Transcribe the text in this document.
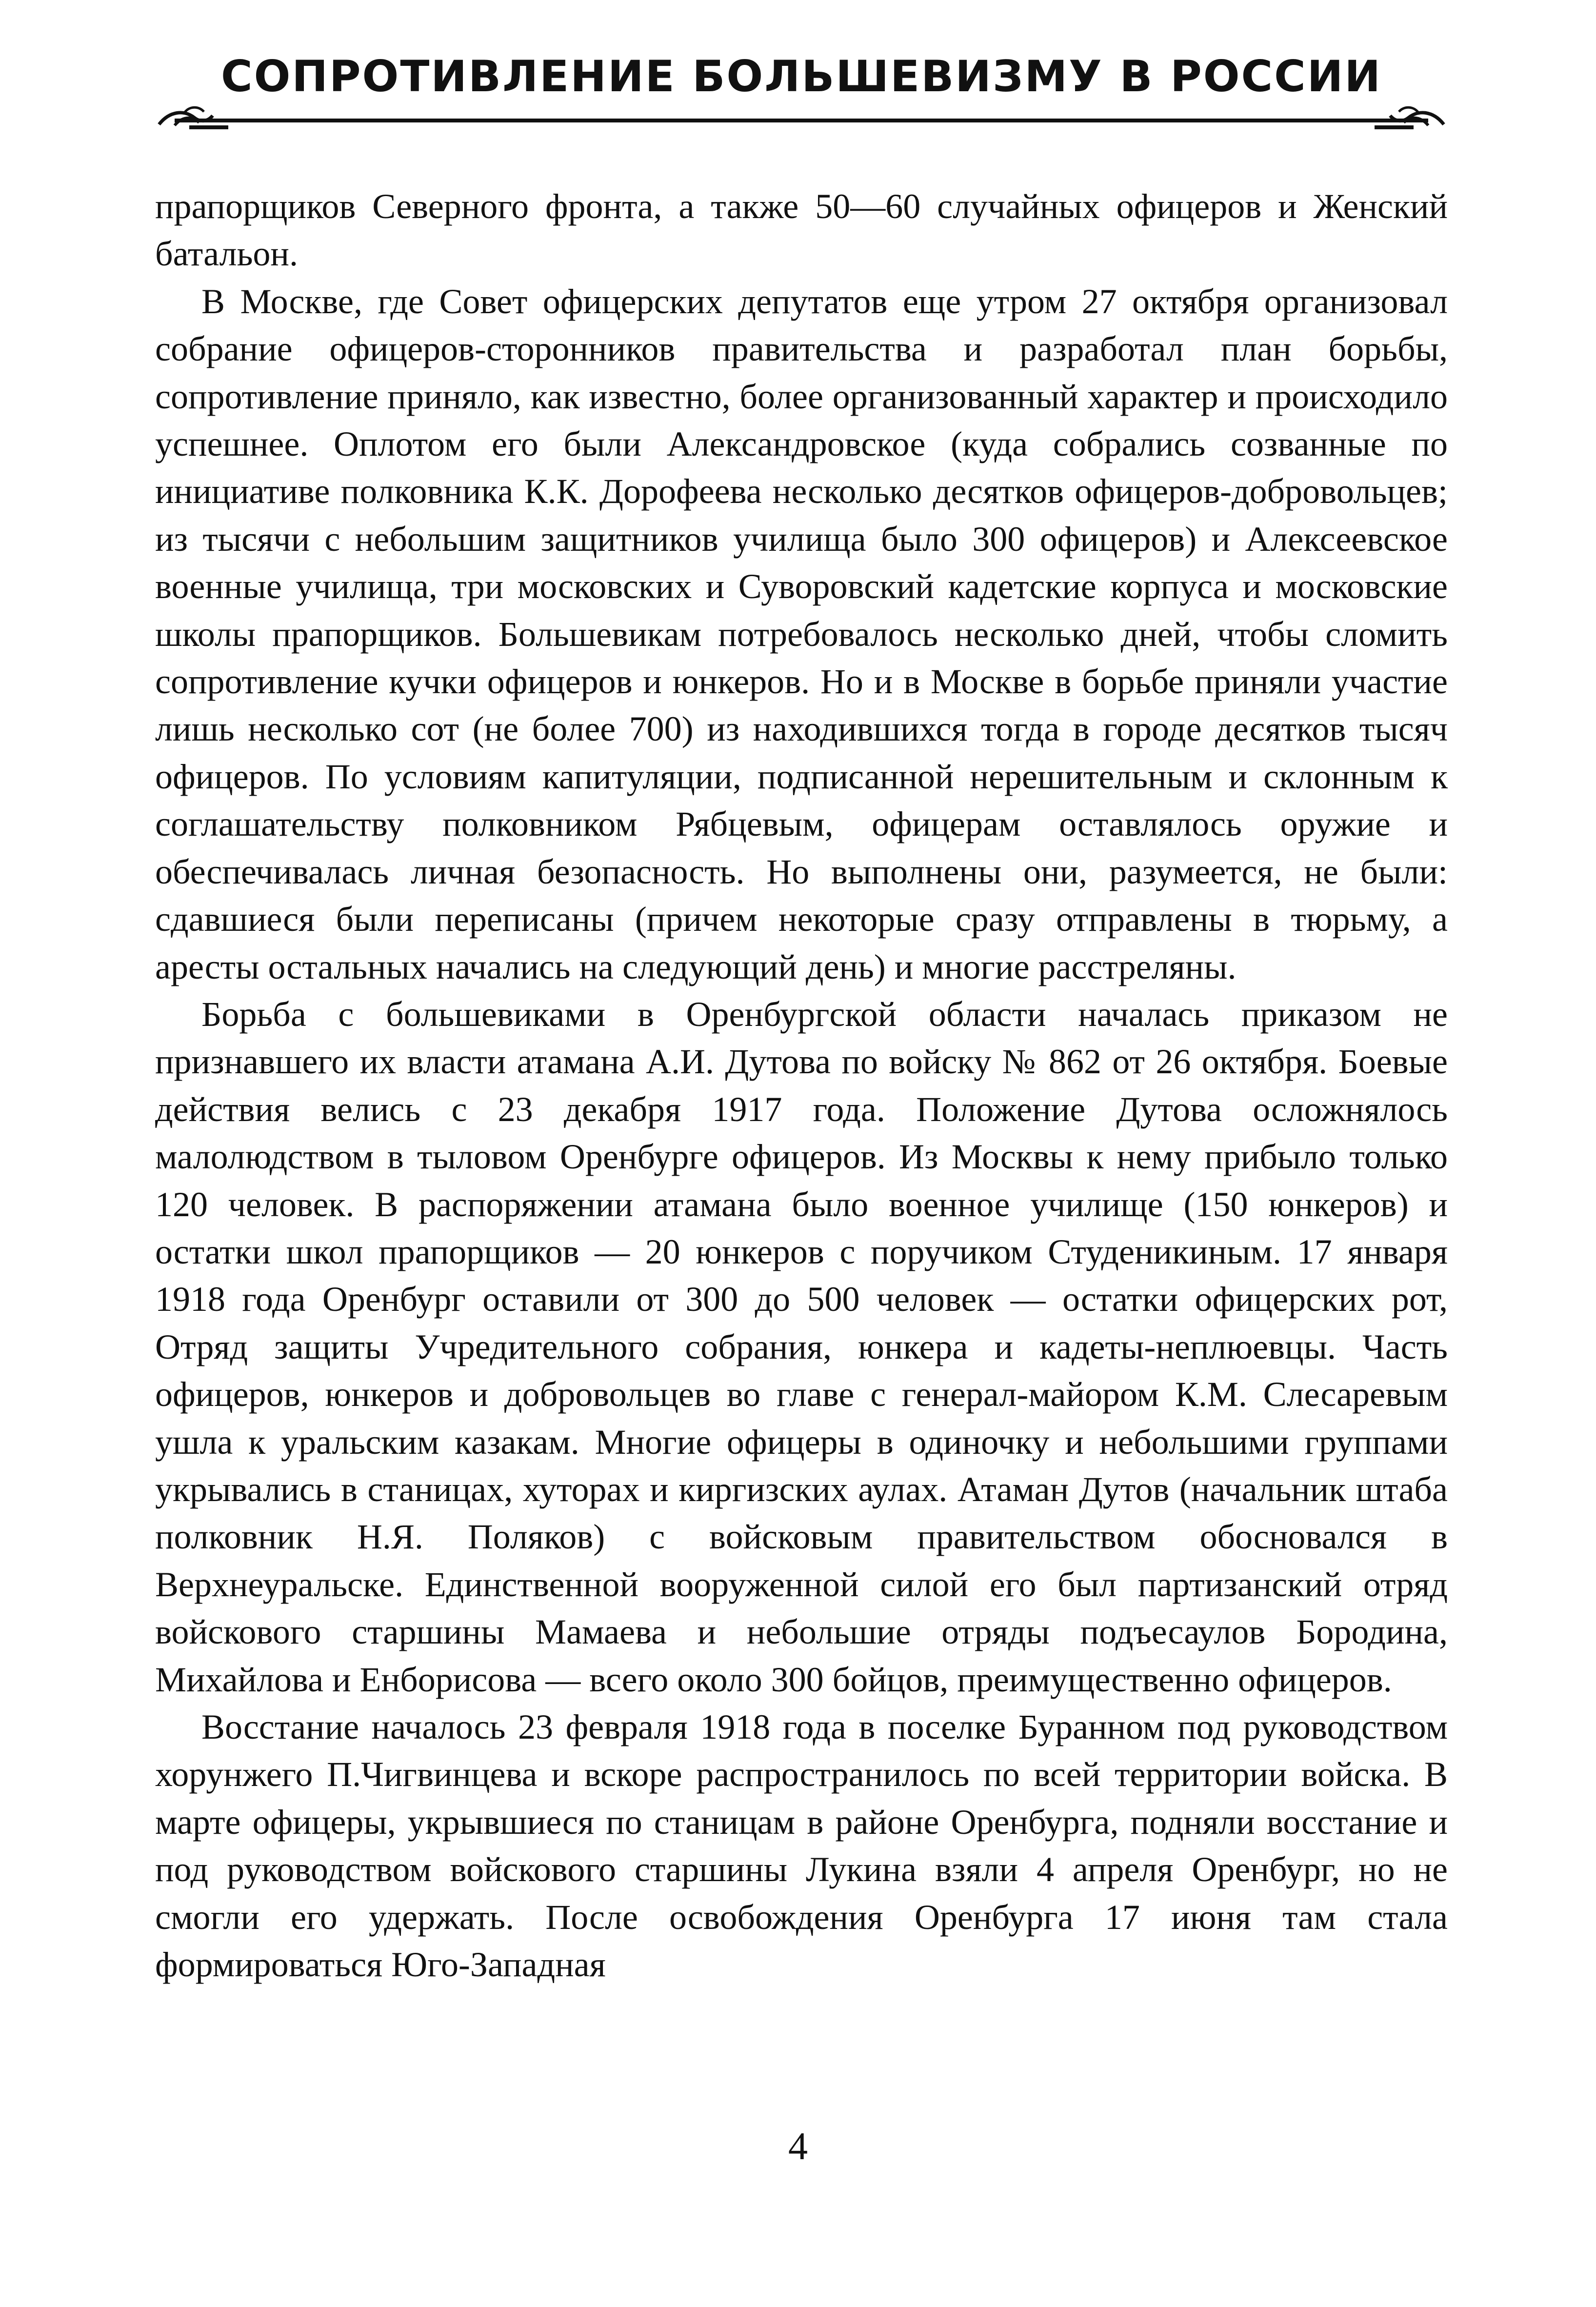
СОПРОТИВЛЕНИЕ БОЛЬШЕВИЗМУ В РОССИИ

прапорщиков Северного фронта, а также 50—60 случайных офицеров и Женский батальон.

В Москве, где Совет офицерских депутатов еще утром 27 октября организовал собрание офицеров-сторонников правительства и разработал план борьбы, сопротивление приняло, как известно, более организованный характер и происходило успешнее. Оплотом его были Александровское (куда собрались созванные по инициативе полковника К.К. Дорофеева несколько десятков офицеров-добровольцев; из тысячи с небольшим защитников училища было 300 офицеров) и Алексеевское военные училища, три московских и Суворовский кадетские корпуса и московские школы прапорщиков. Большевикам потребовалось несколько дней, чтобы сломить сопротивление кучки офицеров и юнкеров. Но и в Москве в борьбе приняли участие лишь несколько сот (не более 700) из находившихся тогда в городе десятков тысяч офицеров. По условиям капитуляции, подписанной нерешительным и склонным к соглашательству полковником Рябцевым, офицерам оставлялось оружие и обеспечивалась личная безопасность. Но выполнены они, разумеется, не были: сдавшиеся были переписаны (причем некоторые сразу отправлены в тюрьму, а аресты остальных начались на следующий день) и многие расстреляны.

Борьба с большевиками в Оренбургской области началась приказом не признавшего их власти атамана А.И. Дутова по войску № 862 от 26 октября. Боевые действия велись с 23 декабря 1917 года. Положение Дутова осложнялось малолюдством в тыловом Оренбурге офицеров. Из Москвы к нему прибыло только 120 человек. В распоряжении атамана было военное училище (150 юнкеров) и остатки школ прапорщиков — 20 юнкеров с поручиком Студеникиным. 17 января 1918 года Оренбург оставили от 300 до 500 человек — остатки офицерских рот, Отряд защиты Учредительного собрания, юнкера и кадеты-неплюевцы. Часть офицеров, юнкеров и добровольцев во главе с генерал-майором К.М. Слесаревым ушла к уральским казакам. Многие офицеры в одиночку и небольшими группами укрывались в станицах, хуторах и киргизских аулах. Атаман Дутов (начальник штаба полковник Н.Я. Поляков) с войсковым правительством обосновался в Верхнеуральске. Единственной вооруженной силой его был партизанский отряд войскового старшины Мамаева и небольшие отряды подъесаулов Бородина, Михайлова и Енборисова — всего около 300 бойцов, преимущественно офицеров.

Восстание началось 23 февраля 1918 года в поселке Буранном под руководством хорунжего П.Чигвинцева и вскоре распространилось по всей территории войска. В марте офицеры, укрывшиеся по станицам в районе Оренбурга, подняли восстание и под руководством войскового старшины Лукина взяли 4 апреля Оренбург, но не смогли его удержать. После освобождения Оренбурга 17 июня там стала формироваться Юго-Западная

4
